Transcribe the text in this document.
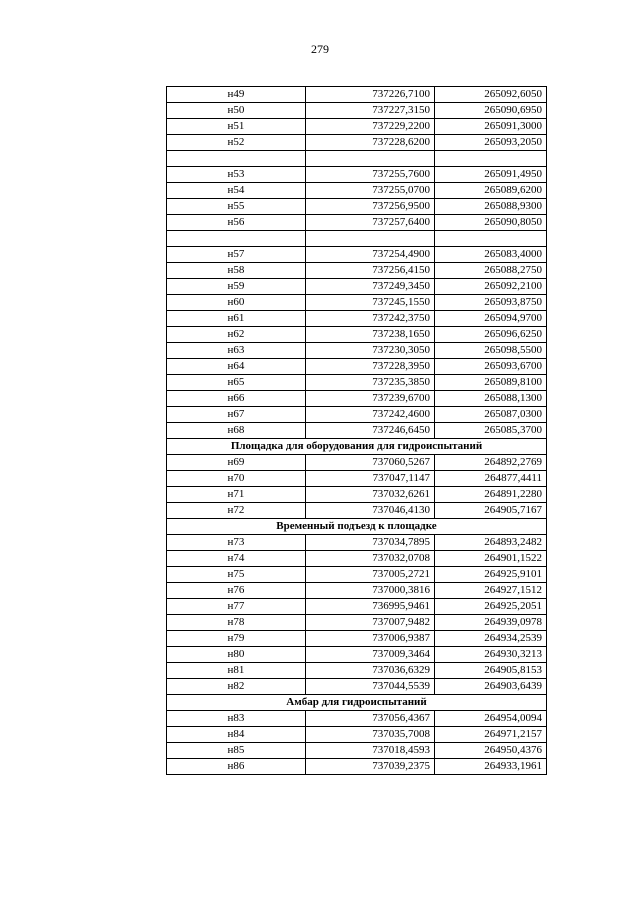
279
н49	737226,7100	265092,6050
н50	737227,3150	265090,6950
н51	737229,2200	265091,3000
н52	737228,6200	265093,2050

н53	737255,7600	265091,4950
н54	737255,0700	265089,6200
н55	737256,9500	265088,9300
н56	737257,6400	265090,8050

н57	737254,4900	265083,4000
н58	737256,4150	265088,2750
н59	737249,3450	265092,2100
н60	737245,1550	265093,8750
н61	737242,3750	265094,9700
н62	737238,1650	265096,6250
н63	737230,3050	265098,5500
н64	737228,3950	265093,6700
н65	737235,3850	265089,8100
н66	737239,6700	265088,1300
н67	737242,4600	265087,0300
н68	737246,6450	265085,3700
Площадка для оборудования для гидроиспытаний		
н69	737060,5267	264892,2769
н70	737047,1147	264877,4411
н71	737032,6261	264891,2280
н72	737046,4130	264905,7167
Временный подъезд к площадке		
н73	737034,7895	264893,2482
н74	737032,0708	264901,1522
н75	737005,2721	264925,9101
н76	737000,3816	264927,1512
н77	736995,9461	264925,2051
н78	737007,9482	264939,0978
н79	737006,9387	264934,2539
н80	737009,3464	264930,3213
н81	737036,6329	264905,8153
н82	737044,5539	264903,6439
Амбар для гидроиспытаний		
н83	737056,4367	264954,0094
н84	737035,7008	264971,2157
н85	737018,4593	264950,4376
н86	737039,2375	264933,1961
